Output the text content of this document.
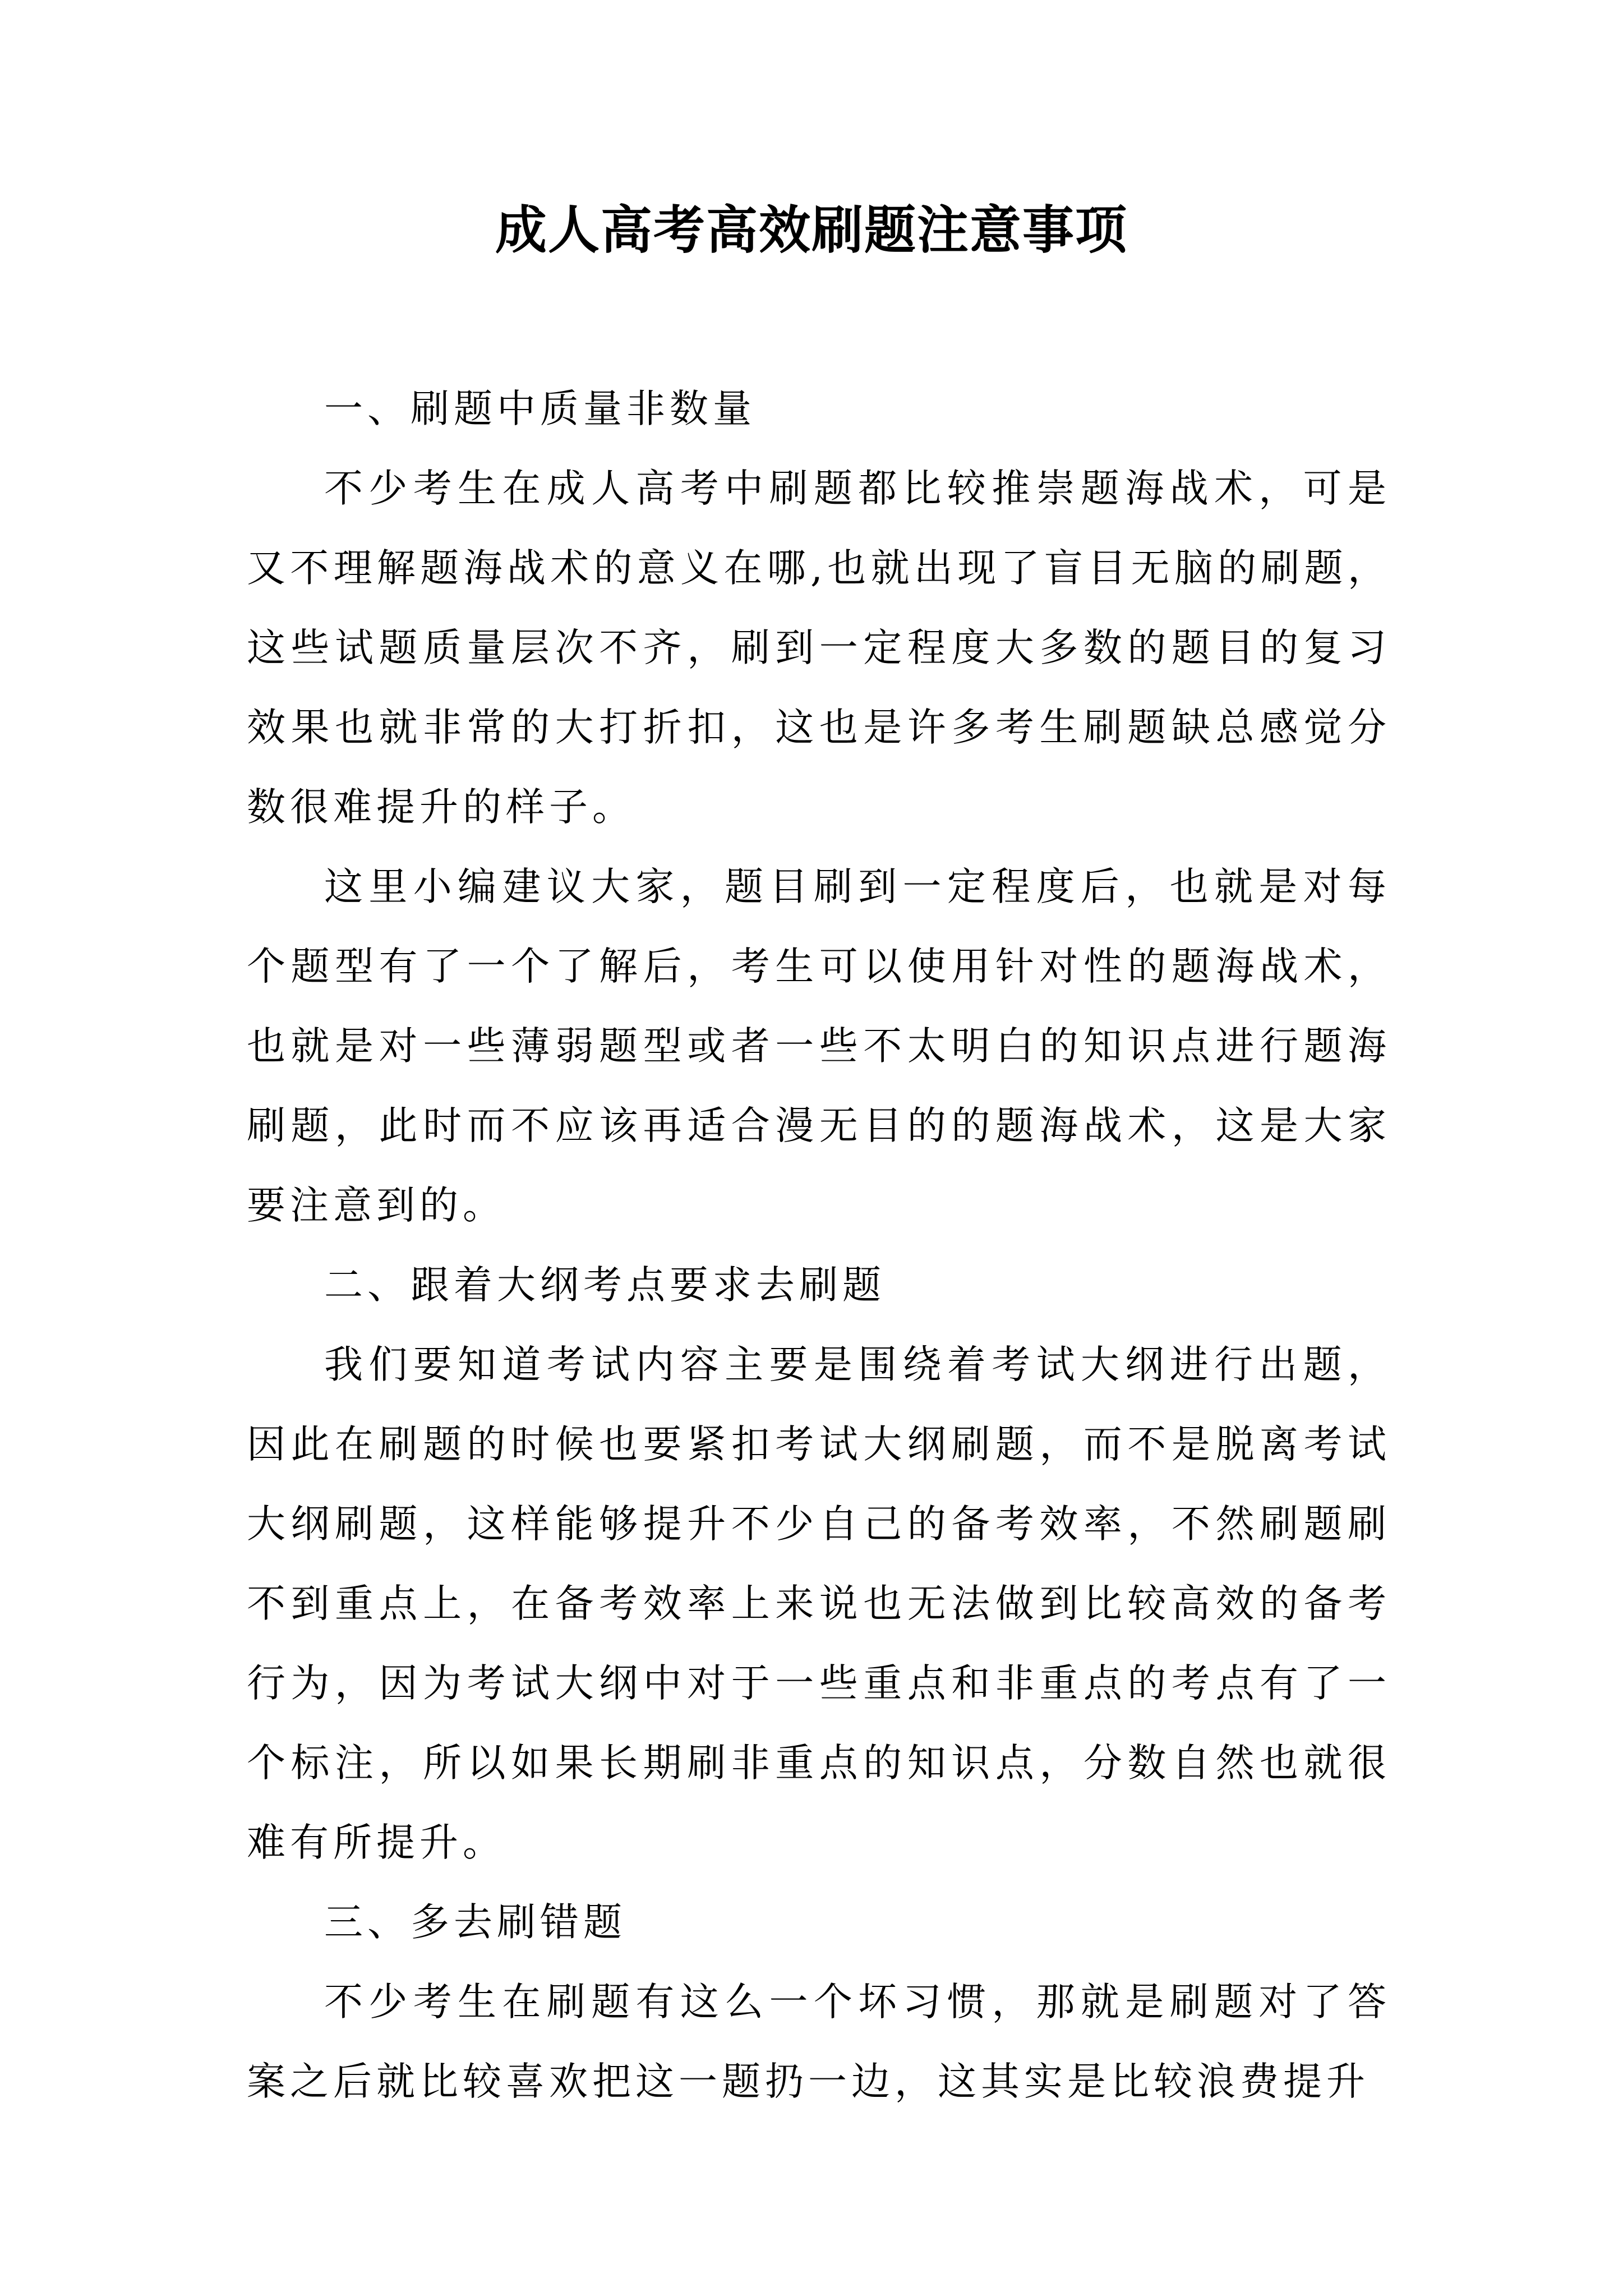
成人高考高效刷题注意事项

一、刷题中质量非数量

不少考生在成人高考中刷题都比较推崇题海战术，可是又不理解题海战术的意义在哪,也就出现了盲目无脑的刷题，这些试题质量层次不齐，刷到一定程度大多数的题目的复习效果也就非常的大打折扣，这也是许多考生刷题缺总感觉分数很难提升的样子。

这里小编建议大家，题目刷到一定程度后，也就是对每个题型有了一个了解后，考生可以使用针对性的题海战术，也就是对一些薄弱题型或者一些不太明白的知识点进行题海刷题，此时而不应该再适合漫无目的的题海战术，这是大家要注意到的。

二、跟着大纲考点要求去刷题

我们要知道考试内容主要是围绕着考试大纲进行出题，因此在刷题的时候也要紧扣考试大纲刷题，而不是脱离考试大纲刷题，这样能够提升不少自己的备考效率，不然刷题刷不到重点上，在备考效率上来说也无法做到比较高效的备考行为，因为考试大纲中对于一些重点和非重点的考点有了一个标注，所以如果长期刷非重点的知识点，分数自然也就很难有所提升。

三、多去刷错题

不少考生在刷题有这么一个坏习惯，那就是刷题对了答案之后就比较喜欢把这一题扔一边，这其实是比较浪费提升
